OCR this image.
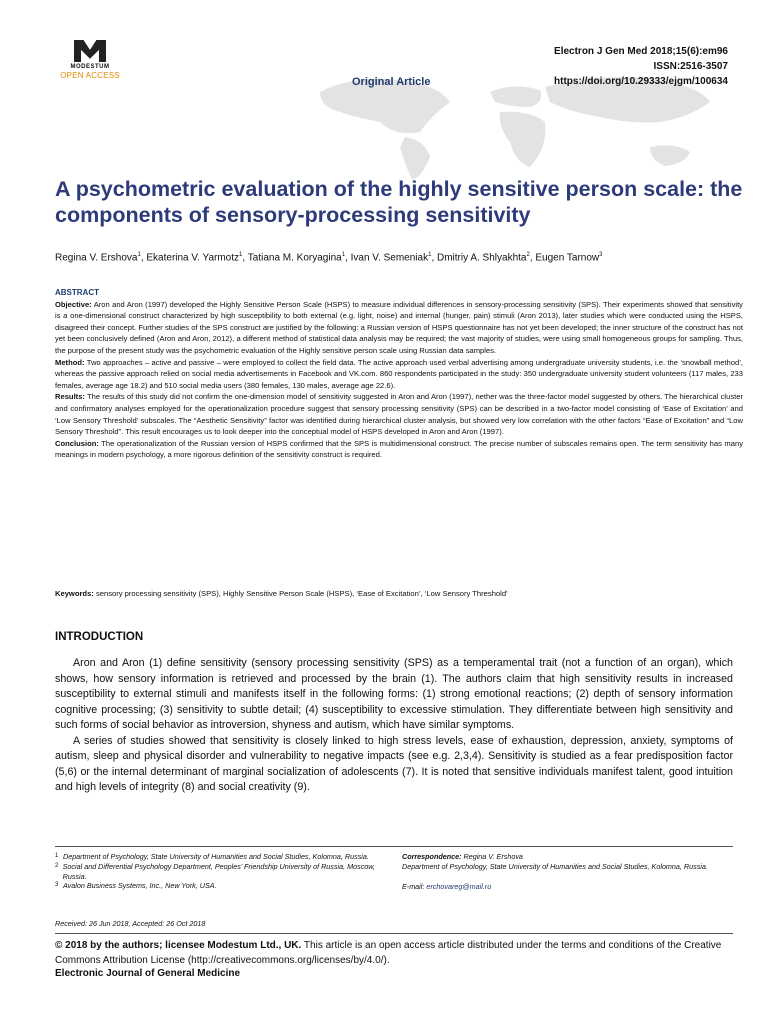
MODESTUM
OPEN ACCESS
Original Article
Electron J Gen Med 2018;15(6):em96
ISSN:2516-3507
https://doi.org/10.29333/ejgm/100634
A psychometric evaluation of the highly sensitive person scale: the components of sensory-processing sensitivity
Regina V. Ershova$^1$, Ekaterina V. Yarmotz$^1$, Tatiana M. Koryagina$^1$, Ivan V. Semeniak$^1$, Dmitriy A. Shlyakhta$^2$, Eugen Tarnow$^3$
ABSTRACT

Objective: Aron and Aron (1997) developed the Highly Sensitive Person Scale (HSPS) to measure individual differences in sensory-processing sensitivity (SPS). Their experiments showed that sensitivity is a one-dimensional construct characterized by high susceptibility to both external (e.g. light, noise) and internal (hunger, pain) stimuli (Aron 2013), later studies which were conducted using the HSPS, disagreed their concept. Further studies of the SPS construct are justified by the following: a Russian version of HSPS questionnaire has not yet been developed; the inner structure of the construct has not yet been conclusively defined (Aron and Aron, 2012), a different method of statistical data analysis may be required; the vast majority of studies, were using small homogeneous groups for sampling. Thus, the purpose of the present study was the psychometric evaluation of the Highly sensitive person scale using Russian data samples.

Method: Two approaches – active and passive – were employed to collect the field data. The active approach used verbal advertising among undergraduate university students, i.e. the ‘snowball method’, whereas the passive approach relied on social media advertisements in Facebook and VK.com. 860 respondents participated in the study: 350 undergraduate university student volunteers (117 males, 233 females, average age 18.2) and 510 social media users (380 females, 130 males, average age 22.6).

Results: The results of this study did not confirm the one-dimension model of sensitivity suggested in Aron and Aron (1997), nether was the three-factor model suggested by others. The hierarchical cluster and confirmatory analyses employed for the operationalization procedure suggest that sensory processing sensitivity (SPS) can be described in a two-factor model consisting of ‘Ease of Excitation’ and ‘Low Sensory Threshold’ subscales. The “Aesthetic Sensitivity” factor was identified during hierarchical cluster analysis, but showed very low correlation with the other factors “Ease of Excitation” and “Low Sensory Threshold”. This result encourages us to look deeper into the conceptual model of HSPS developed in Aron and Aron (1997).

Conclusion: The operationalization of the Russian version of HSPS confirmed that the SPS is multidimensional construct. The precise number of subscales remains open. The term sensitivity has many meanings in modern psychology, a more rigorous definition of the sensitivity construct is required.

Keywords: sensory processing sensitivity (SPS), Highly Sensitive Person Scale (HSPS), ‘Ease of Excitation’, ‘Low Sensory Threshold’
INTRODUCTION

Aron and Aron (1) define sensitivity (sensory processing sensitivity (SPS) as a temperamental trait (not a function of an organ), which shows, how sensory information is retrieved and processed by the brain (1). The authors claim that high sensitivity results in increased susceptibility to external stimuli and manifests itself in the following forms: (1) strong emotional reactions; (2) depth of sensory information cognitive processing; (3) sensitivity to subtle detail; (4) susceptibility to excessive stimulation. They differentiate between high sensitivity and such forms of social behavior as introversion, shyness and autism, which have similar symptoms.

A series of studies showed that sensitivity is closely linked to high stress levels, ease of exhaustion, depression, anxiety, symptoms of autism, sleep and physical disorder and vulnerability to negative impacts (see e.g. 2,3,4). Sensitivity is studied as a fear predisposition factor (5,6) or the internal determinant of marginal socialization of adolescents (7). It is noted that sensitive individuals manifest talent, good intuition and high levels of integrity (8) and social creativity (9).

1 Department of Psychology, State University of Humanities and Social Studies, Kolomna, Russia.
2 Social and Differential Psychology Department, Peoples’ Friendship University of Russia, Moscow, Russia.
3 Avalon Business Systems, Inc., New York, USA.
Correspondence: Regina V. Ershova
Department of Psychology, State University of Humanities and Social Studies, Kolomna, Russia.
E-mail: erchovareg@mail.ru
Received: 26 Jun 2018, Accepted: 26 Oct 2018
© 2018 by the authors; licensee Modestum Ltd., UK. This article is an open access article distributed under the terms and conditions of the Creative Commons Attribution License (http://creativecommons.org/licenses/by/4.0/).
Electronic Journal of General Medicine
